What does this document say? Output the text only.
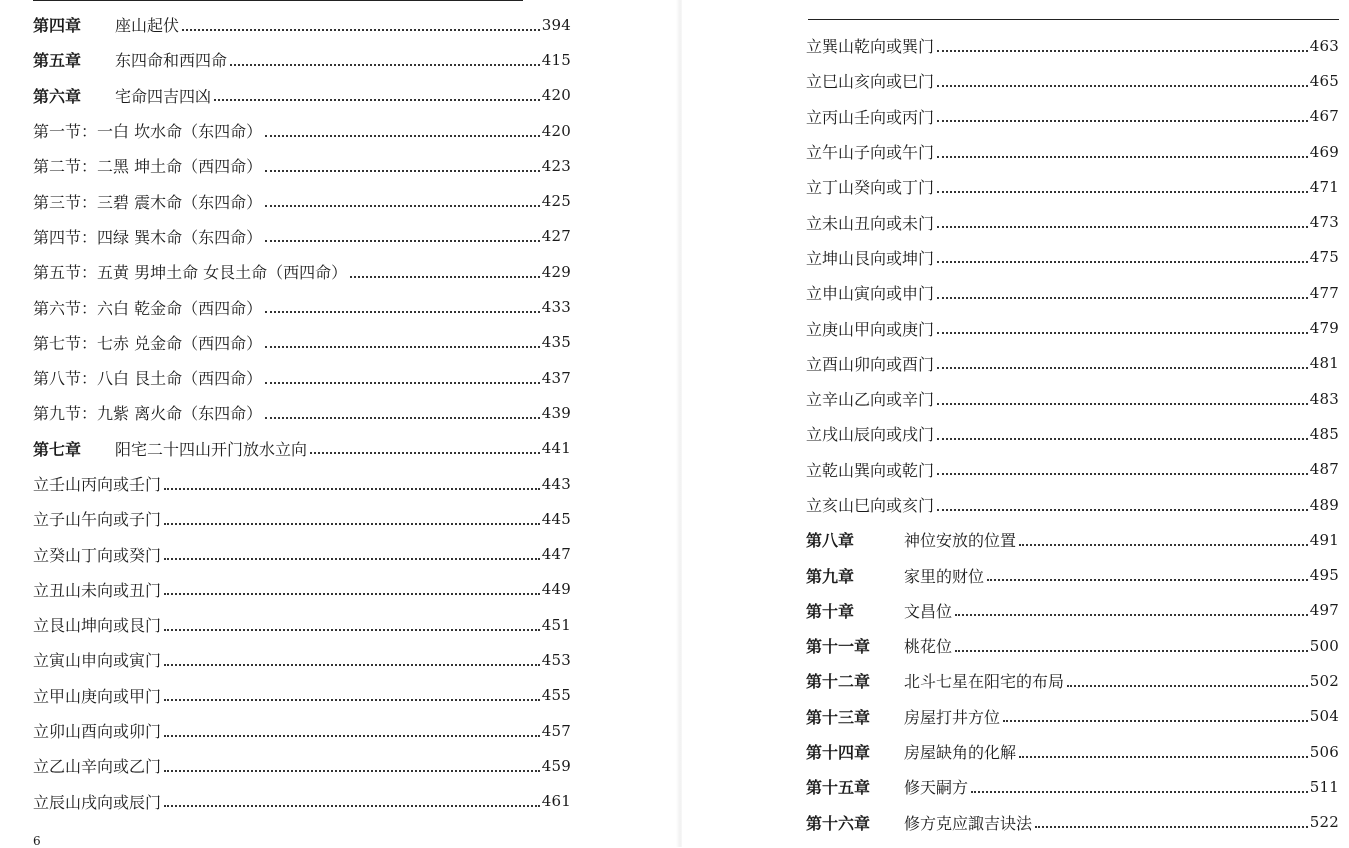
第四章	座山起伏	394
第五章	东四命和西四命	415
第六章	宅命四吉四凶	420
第一节：一白 坎水命（东四命）	420
第二节：二黑 坤土命（西四命）	423
第三节：三碧 震木命（东四命）	425
第四节：四绿 巽木命（东四命）	427
第五节：五黄 男坤土命 女艮土命（西四命）	429
第六节：六白 乾金命（西四命）	433
第七节：七赤 兑金命（西四命）	435
第八节：八白 艮土命（西四命）	437
第九节：九紫 离火命（东四命）	439
第七章	阳宅二十四山开门放水立向	441
立壬山丙向或壬门	443
立子山午向或子门	445
立癸山丁向或癸门	447
立丑山未向或丑门	449
立艮山坤向或艮门	451
立寅山申向或寅门	453
立甲山庚向或甲门	455
立卯山酉向或卯门	457
立乙山辛向或乙门	459
立辰山戌向或辰门	461
6
立巽山乾向或巽门	463
立巳山亥向或巳门	465
立丙山壬向或丙门	467
立午山子向或午门	469
立丁山癸向或丁门	471
立未山丑向或未门	473
立坤山艮向或坤门	475
立申山寅向或申门	477
立庚山甲向或庚门	479
立酉山卯向或酉门	481
立辛山乙向或辛门	483
立戌山辰向或戌门	485
立乾山巽向或乾门	487
立亥山巳向或亥门	489
第八章	神位安放的位置	491
第九章	家里的财位	495
第十章	文昌位	497
第十一章	桃花位	500
第十二章	北斗七星在阳宅的布局	502
第十三章	房屋打井方位	504
第十四章	房屋缺角的化解	506
第十五章	修天嗣方	511
第十六章	修方克应諏吉诀法	522
